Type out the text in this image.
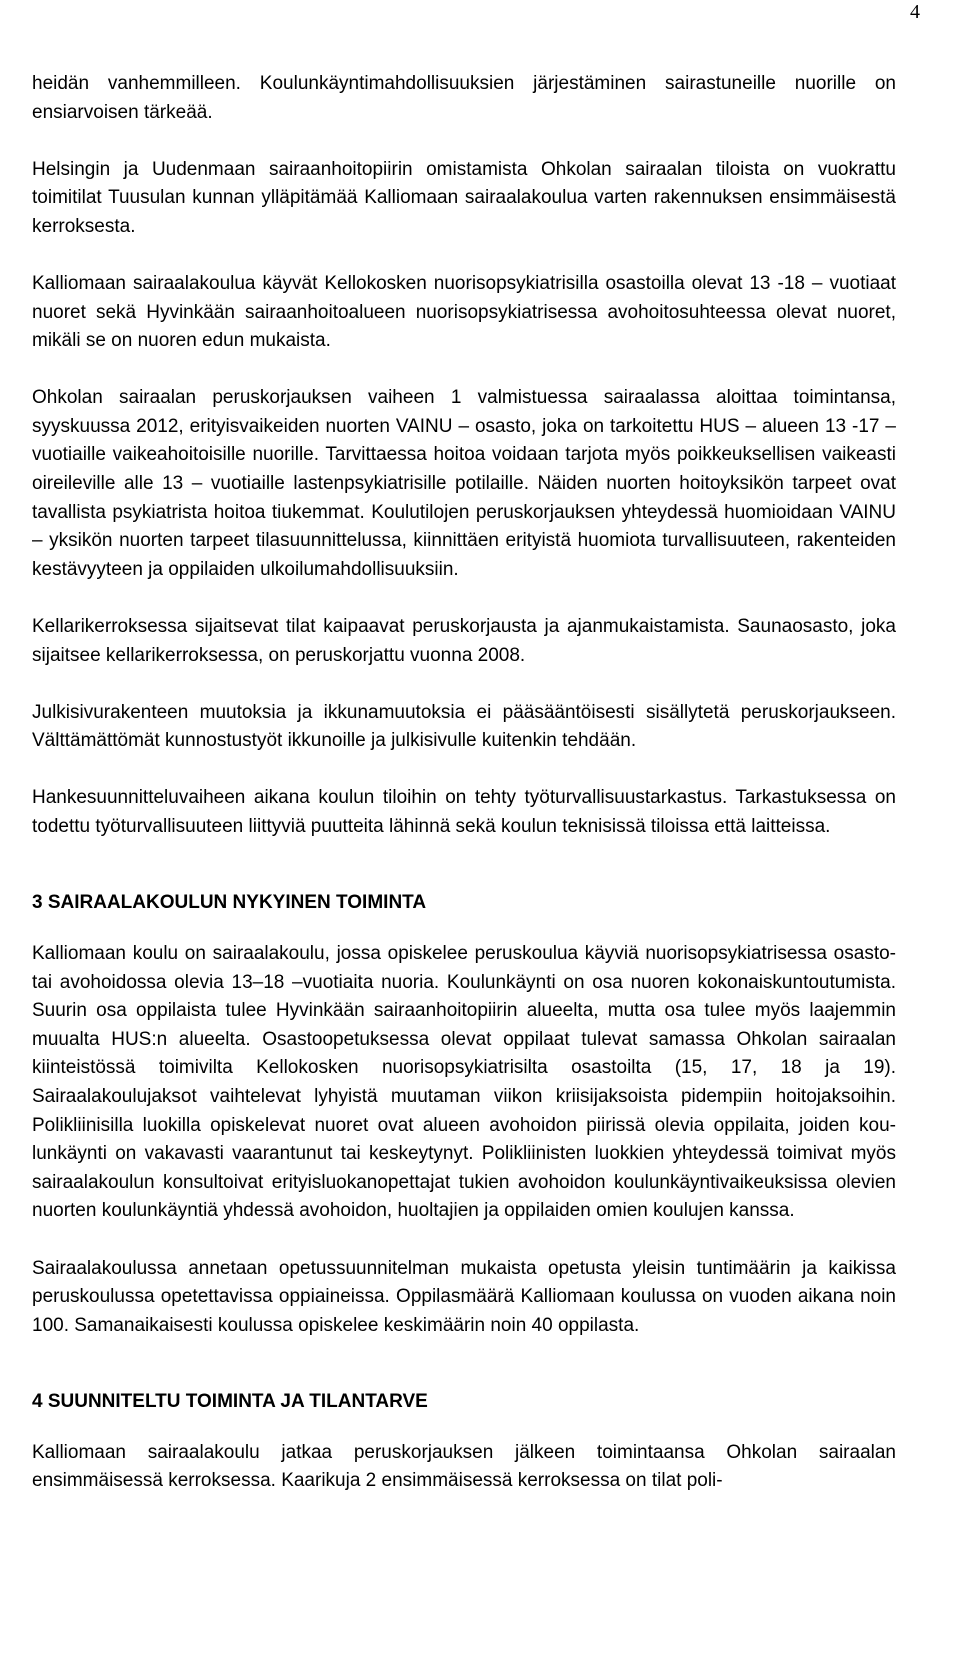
4

heidän vanhemmilleen. Koulunkäyntimahdollisuuksien järjestäminen sairastuneille nuorille on ensiarvoisen tärkeää.

Helsingin ja Uudenmaan sairaanhoitopiirin omistamista Ohkolan sairaalan tiloista on vuokrattu toimitilat Tuusulan kunnan ylläpitämää Kalliomaan sairaalakoulua varten rakennuksen ensimmäisestä kerroksesta.

Kalliomaan sairaalakoulua käyvät Kellokosken nuorisopsykiatrisilla osastoilla olevat 13 -18 – vuotiaat nuoret sekä Hyvinkään sairaanhoitoalueen nuorisopsykiatrisessa avohoitosuhteessa olevat nuoret, mikäli se on nuoren edun mukaista.

Ohkolan sairaalan peruskorjauksen vaiheen 1 valmistuessa sairaalassa aloittaa toimintansa, syyskuussa 2012, erityisvaikeiden nuorten VAINU – osasto, joka on tarkoitettu HUS – alueen 13 -17 – vuotiaille vaikeahoitoisille nuorille. Tarvittaessa hoitoa voidaan tarjota myös poikkeuksellisen vaikeasti oireileville alle 13 – vuotiaille lastenpsykiatrisille potilaille. Näiden nuorten hoitoyksikön tarpeet ovat tavallista psykiatrista hoitoa tiukemmat. Koulutilojen peruskorjauksen yhteydessä huomioidaan VAINU – yksikön nuorten tarpeet tilasuunnittelussa, kiinnittäen erityistä huomiota turvallisuuteen, rakenteiden kestävyyteen ja oppilaiden ulkoilumahdollisuuksiin.

Kellarikerroksessa sijaitsevat tilat kaipaavat peruskorjausta ja ajanmukaistamista. Saunaosasto, joka sijaitsee kellarikerroksessa, on peruskorjattu vuonna 2008.

Julkisivurakenteen muutoksia ja ikkunamuutoksia ei pääsääntöisesti sisällytetä peruskorjaukseen. Välttämättömät kunnostustyöt ikkunoille ja julkisivulle kuitenkin tehdään.

Hankesuunnitteluvaiheen aikana koulun tiloihin on tehty työturvallisuustarkastus. Tarkastuksessa on todettu työturvallisuuteen liittyviä puutteita lähinnä sekä koulun teknisissä tiloissa että laitteissa.

3 SAIRAALAKOULUN NYKYINEN TOIMINTA

Kalliomaan koulu on sairaalakoulu, jossa opiskelee peruskoulua käyviä nuorisopsykiatrisessa osasto- tai avohoidossa olevia 13–18 –vuotiaita nuoria. Koulunkäynti on osa nuoren kokonaiskuntoutumista. Suurin osa oppilaista tulee Hyvinkään sairaanhoitopiirin alueelta, mutta osa tulee myös laajemmin muualta HUS:n alueelta. Osastoopetuksessa olevat oppilaat tulevat samassa Ohkolan sairaalan kiinteistössä toimivilta Kellokosken nuorisopsykiatrisilta osastoilta (15, 17, 18 ja 19). Sairaalakoulujaksot vaihtelevat lyhyistä muutaman viikon kriisijaksoista pidempiin hoitojaksoihin. Polikliinisilla luokilla opiskelevat nuoret ovat alueen avohoidon piirissä olevia oppilaita, joiden koulunkäynti on vakavasti vaarantunut tai keskeytynyt. Polikliinisten luokkien yhteydessä toimivat myös sairaalakoulun konsultoivat erityisluokanopettajat tukien avohoidon koulunkäyntivaikeuksissa olevien nuorten koulunkäyntiä yhdessä avohoidon, huoltajien ja oppilaiden omien koulujen kanssa.

Sairaalakoulussa annetaan opetussuunnitelman mukaista opetusta yleisin tuntimäärin ja kaikissa peruskoulussa opetettavissa oppiaineissa. Oppilasmäärä Kalliomaan koulussa on vuoden aikana noin 100. Samanaikaisesti koulussa opiskelee keskimäärin noin 40 oppilasta.

4 SUUNNITELTU TOIMINTA JA TILANTARVE

Kalliomaan sairaalakoulu jatkaa peruskorjauksen jälkeen toimintaansa Ohkolan sairaalan ensimmäisessä kerroksessa. Kaarikuja 2 ensimmäisessä kerroksessa on tilat poli-
